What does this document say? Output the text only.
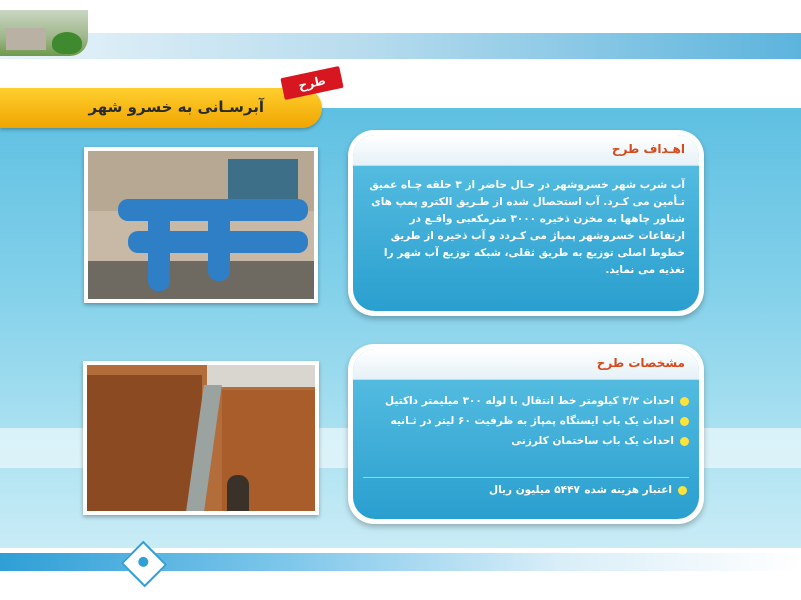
آبرسـانی به خسرو شهر
طرح
اهـداف طرح
آب شرب شهر خسروشهر در حـال حاضر از ۳ حلقه چـاه عمیق تـأمین می کـرد. آب استحصال شده از طـریق الکترو پمپ های شناور چاهها به مخزن ذخیره ۳۰۰۰ مترمکعبی واقـع در ارتفاعات خسروشهر پمپاژ می کـردد و آب ذخیره از طریق خطوط اصلی توزیع به طریق ثقلی، شبکه توزیع آب شهر را تغذیه می نماید.
مشخصات طرح
احداث ۳/۳ کیلومتر خط انتقال با لوله ۳۰۰ میلیمتر داکتیل
احداث یک باب ایستگاه پمپاژ به ظرفیت ۶۰ لیتر در ثـانیه
احداث یک باب ساختمان کلرزنی
اعتبار هزینه شده
۵۴۴۷ میلیون ریال
